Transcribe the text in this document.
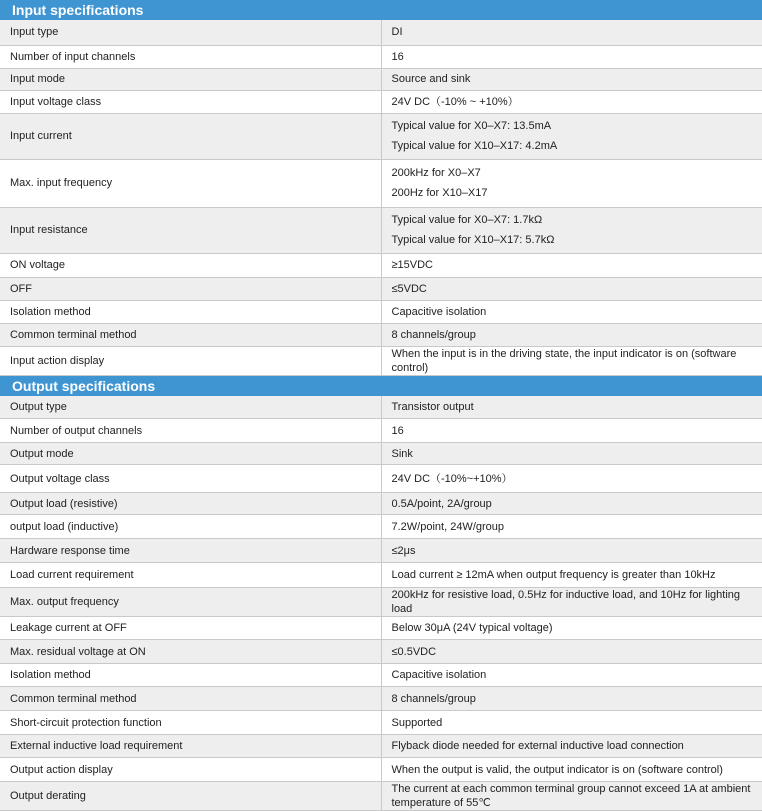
Input specifications	
Input type	DI

Number of input channels	16

Input mode	Source and sink

Input voltage class	24V DC（-10% ~ +10%）

Input current	Typical value for X0–X7: 13.5mA
Typical value for X10–X17: 4.2mA

Max. input frequency	200kHz for X0–X7
200Hz for X10–X17

Input resistance	Typical value for X0–X7: 1.7kΩ
Typical value for X10–X17: 5.7kΩ

ON voltage	≥15VDC

OFF	≤5VDC

Isolation method	Capacitive isolation

Common terminal method	8 channels/group

Input action display	When the input is in the driving state, the input indicator is on (software control)

Output specifications	
Output type	Transistor output

Number of output channels	16

Output mode	Sink

Output voltage class	24V DC（-10%~+10%）

Output load (resistive)	0.5A/point, 2A/group

output load (inductive)	7.2W/point, 24W/group

Hardware response time	≤2μs

Load current requirement	Load current ≥ 12mA when output frequency is greater than 10kHz

Max. output frequency	200kHz for resistive load, 0.5Hz for inductive load, and 10Hz for lighting load

Leakage current at OFF	Below 30μA (24V typical voltage)

Max. residual voltage at ON	≤0.5VDC

Isolation method	Capacitive isolation

Common terminal method	8 channels/group

Short-circuit protection function	Supported

External inductive load requirement	Flyback diode needed for external inductive load connection

Output action display	When the output is valid, the output indicator is on (software control)

Output derating	The current at each common terminal group cannot exceed 1A at ambient temperature of 55℃
